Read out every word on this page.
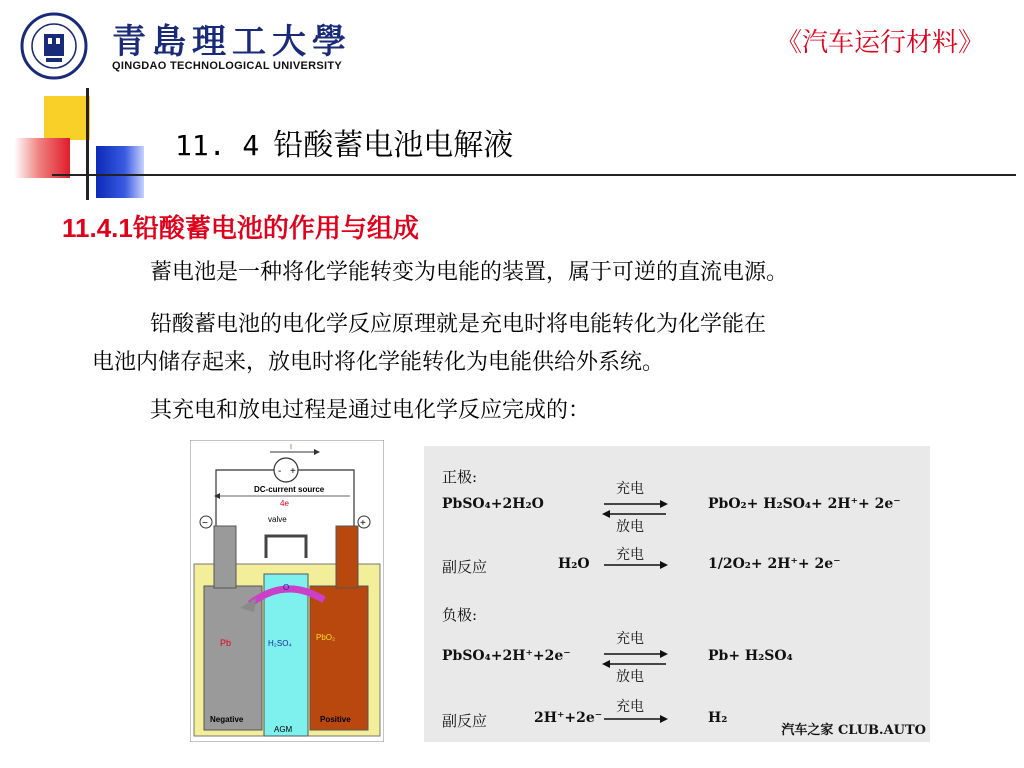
青島理工大學
QINGDAO TECHNOLOGICAL UNIVERSITY
《汽车运行材料》
11. 4 铅酸蓄电池电解液
11.4.1铅酸蓄电池的作用与组成
蓄电池是一种将化学能转变为电能的装置，属于可逆的直流电源。
铅酸蓄电池的电化学反应原理就是充电时将电能转化为化学能在
电池内储存起来，放电时将化学能转化为电能供给外系统。
其充电和放电过程是通过电化学反应完成的：
I
- +
DC-current source
4e
valve
−	+
O
Pb	H₂SO₄
PbO₂
Negative	Positive
AGM
正极:
PbSO₄+2H₂O
充电
放电
PbO₂+ H₂SO₄+ 2H⁺+ 2e⁻
副反应	H₂O
充电
1/2O₂+ 2H⁺+ 2e⁻
负极:
PbSO₄+2H⁺+2e⁻
充电
放电
Pb+ H₂SO₄
副反应	2H⁺+2e⁻
充电
H₂
汽车之家 CLUB.AUTO
